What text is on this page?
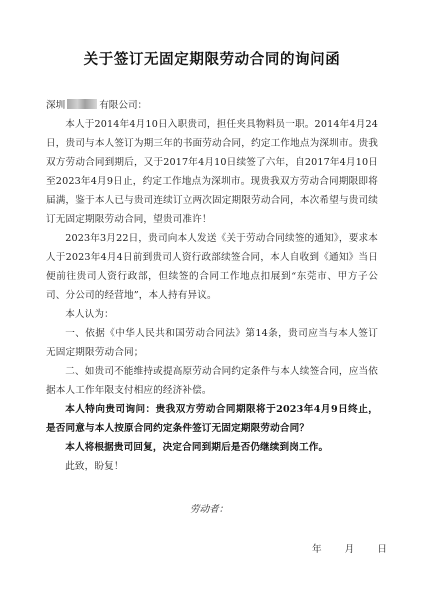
关于签订无固定期限劳动合同的询问函

深圳	有限公司：

本人于2014年4月10日入职贵司，担任夹具物料员一职。2014年4月24日，贵司与本人签订为期三年的书面劳动合同，约定工作地点为深圳市。贵我双方劳动合同到期后，又于2017年4月10日续签了六年，自2017年4月10日至2023年4月9日止，约定工作地点为深圳市。现贵我双方劳动合同期限即将届满，鉴于本人已与贵司连续订立两次固定期限劳动合同，本次希望与贵司续订无固定期限劳动合同，望贵司准许！

2023年3月22日，贵司向本人发送《关于劳动合同续签的通知》，要求本人于2023年4月4日前到贵司人资行政部续签合同，本人自收到《通知》当日便前往贵司人资行政部，但续签的合同工作地点扣展到“东莞市、甲方子公司、分公司的经营地”，本人持有异议。

本人认为：

一、依据《中华人民共和国劳动合同法》第14条，贵司应当与本人签订无固定期限劳动合同；

二、如贵司不能维持或提高原劳动合同约定条件与本人续签合同，应当依据本人工作年限支付相应的经济补偿。

本人特向贵司询问：贵我双方劳动合同期限将于2023年4月9日终止，是否同意与本人按原合同约定条件签订无固定期限劳动合同？

本人将根据贵司回复，决定合同到期后是否仍继续到岗工作。

此致，盼复！

劳动者：
年 月 日
